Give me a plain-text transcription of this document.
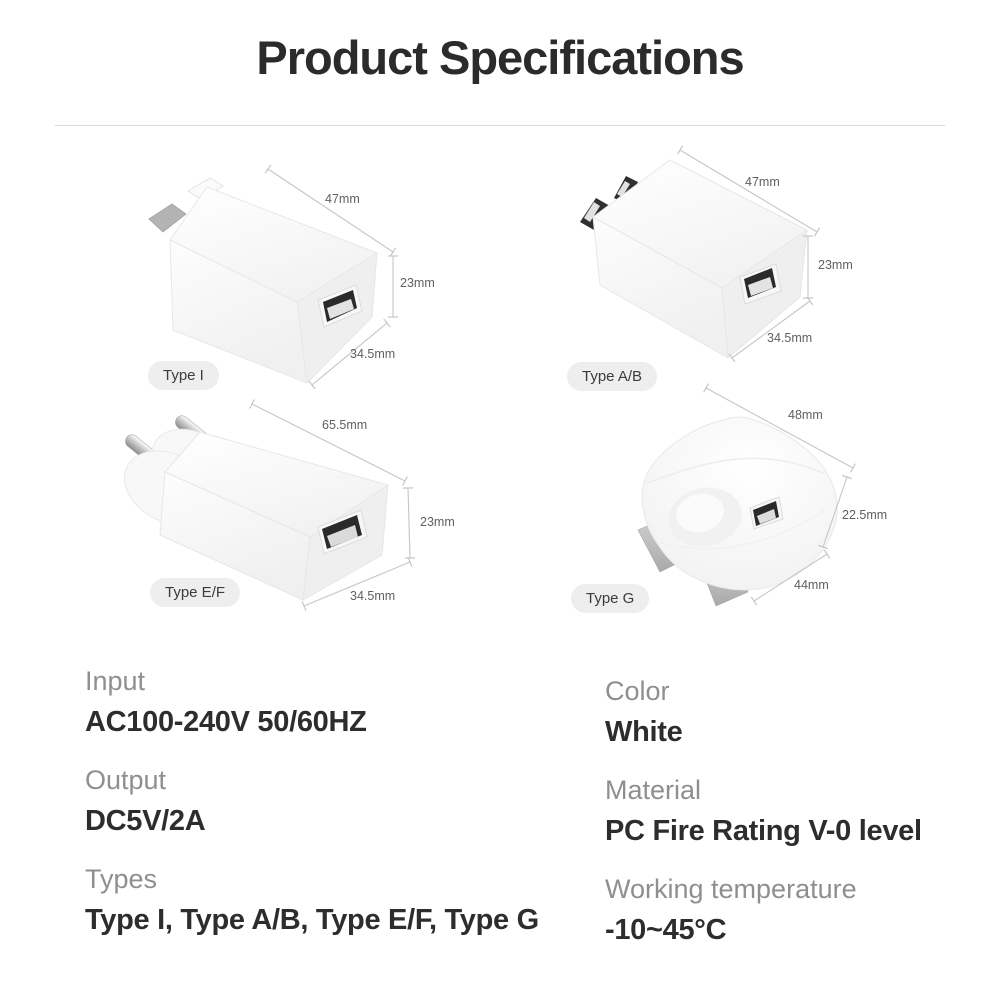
Product Specifications
47mm
23mm
34.5mm
Type I
47mm
23mm
34.5mm
Type A/B
65.5mm
23mm
34.5mm
Type E/F
48mm
22.5mm
44mm
Type G
Input
AC100-240V 50/60HZ
Output
DC5V/2A
Types
Type I, Type A/B, Type E/F, Type G
Color
White
Material
PC Fire Rating V-0 level
Working temperature
-10~45°C
